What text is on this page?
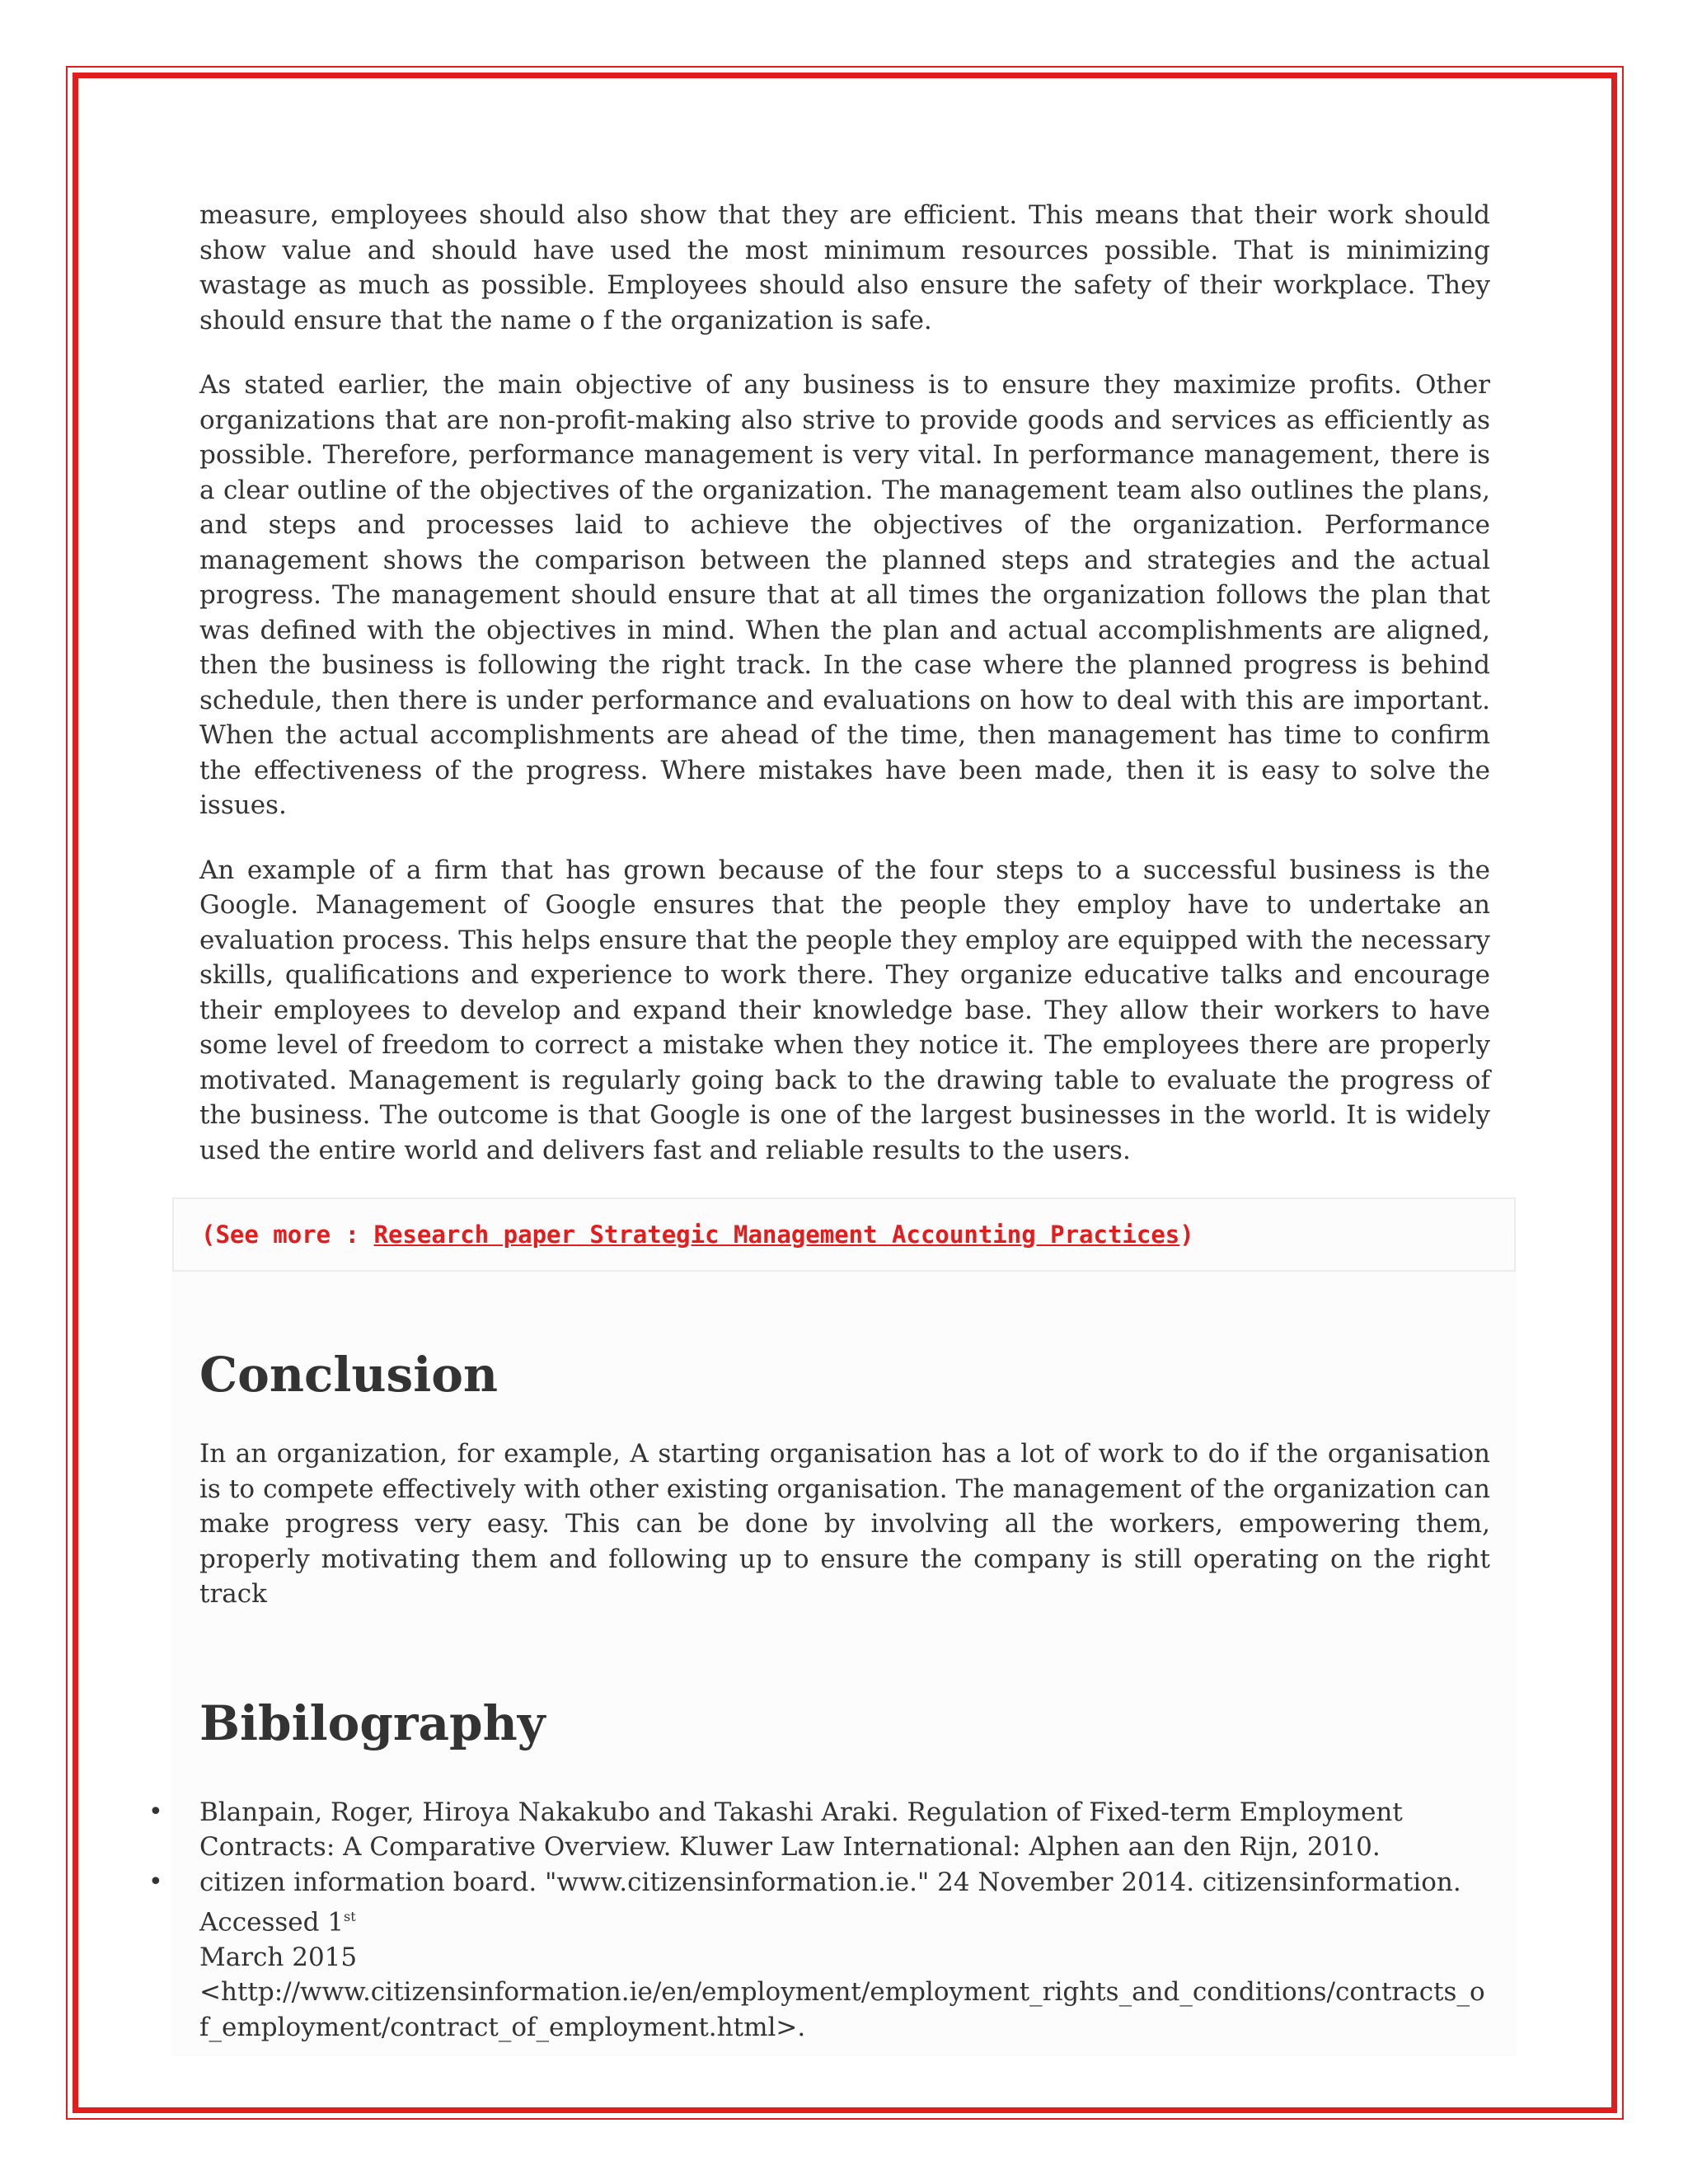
measure, employees should also show that they are efficient. This means that their work should show value and should have used the most minimum resources possible. That is minimizing wastage as much as possible. Employees should also ensure the safety of their workplace. They should ensure that the name o f the organization is safe.

As stated earlier, the main objective of any business is to ensure they maximize profits. Other organizations that are non-profit-making also strive to provide goods and services as efficiently as possible. Therefore, performance management is very vital. In performance management, there is a clear outline of the objectives of the organization. The management team also outlines the plans, and steps and processes laid to achieve the objectives of the organization. Performance management shows the comparison between the planned steps and strategies and the actual progress. The management should ensure that at all times the organization follows the plan that was defined with the objectives in mind. When the plan and actual accomplishments are aligned, then the business is following the right track. In the case where the planned progress is behind schedule, then there is under performance and evaluations on how to deal with this are important. When the actual accomplishments are ahead of the time, then management has time to confirm the effectiveness of the progress. Where mistakes have been made, then it is easy to solve the issues.

An example of a firm that has grown because of the four steps to a successful business is the Google. Management of Google ensures that the people they employ have to undertake an evaluation process. This helps ensure that the people they employ are equipped with the necessary skills, qualifications and experience to work there. They organize educative talks and encourage their employees to develop and expand their knowledge base. They allow their workers to have some level of freedom to correct a mistake when they notice it. The employees there are properly motivated. Management is regularly going back to the drawing table to evaluate the progress of the business. The outcome is that Google is one of the largest businesses in the world. It is widely used the entire world and delivers fast and reliable results to the users.

(See more : Research paper Strategic Management Accounting Practices)
Conclusion

In an organization, for example, A starting organisation has a lot of work to do if the organisation is to compete effectively with other existing organisation. The management of the organization can make progress very easy. This can be done by involving all the workers, empowering them, properly motivating them and following up to ensure the company is still operating on the right track

Bibilography
• Blanpain, Roger, Hiroya Nakakubo and Takashi Araki. Regulation of Fixed-term Employment Contracts: A Comparative Overview. Kluwer Law International: Alphen aan den Rijn, 2010.
• citizen information board. "www.citizensinformation.ie." 24 November 2014. citizensinformation. Accessed 1st
March 2015
<http://www.citizensinformation.ie/en/employment/employment_rights_and_conditions/contracts_of_employment/contract_of_employment.html>.
